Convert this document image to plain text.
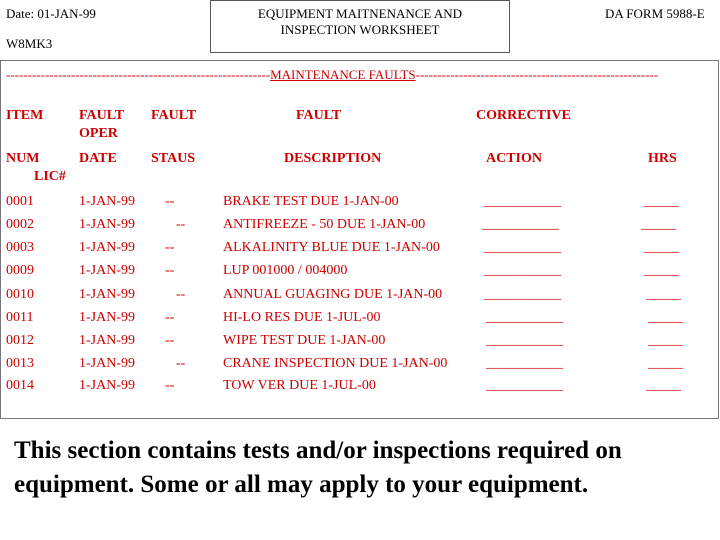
Date: 01-JAN-99
W8MK3
DA FORM 5988-E
EQUIPMENT MAITNENANCE AND
INSPECTION WORKSHEET
-------------------------------------------------------------MAINTENANCE FAULTS--------------------------------------------------------
ITEM	FAULT FAULT	FAULT	CORRECTIVE
OPER
NUM	DATE STAUS	DESCRIPTION	ACTION	HRS
LIC#
0001	1-JAN-99 --	BRAKE TEST DUE 1-JAN-00	___________	_____
0002	1-JAN-99	--	ANTIFREEZE - 50 DUE 1-JAN-00	___________	_____
0003	1-JAN-99 --	ALKALINITY BLUE DUE 1-JAN-00	___________	_____
0009	1-JAN-99 --	LUP 001000 / 004000	___________	_____
0010	1-JAN-99	--	ANNUAL GUAGING DUE 1-JAN-00	___________	_____
0011	1-JAN-99 --	HI-LO RES DUE 1-JUL-00	___________	_____
0012	1-JAN-99 --	WIPE TEST DUE 1-JAN-00	___________	_____
0013	1-JAN-99	--	CRANE INSPECTION DUE 1-JAN-00	___________	_____
0014	1-JAN-99 --	TOW VER DUE 1-JUL-00	___________	_____
This section contains tests and/or inspections required on equipment. Some or all may apply to your equipment.
